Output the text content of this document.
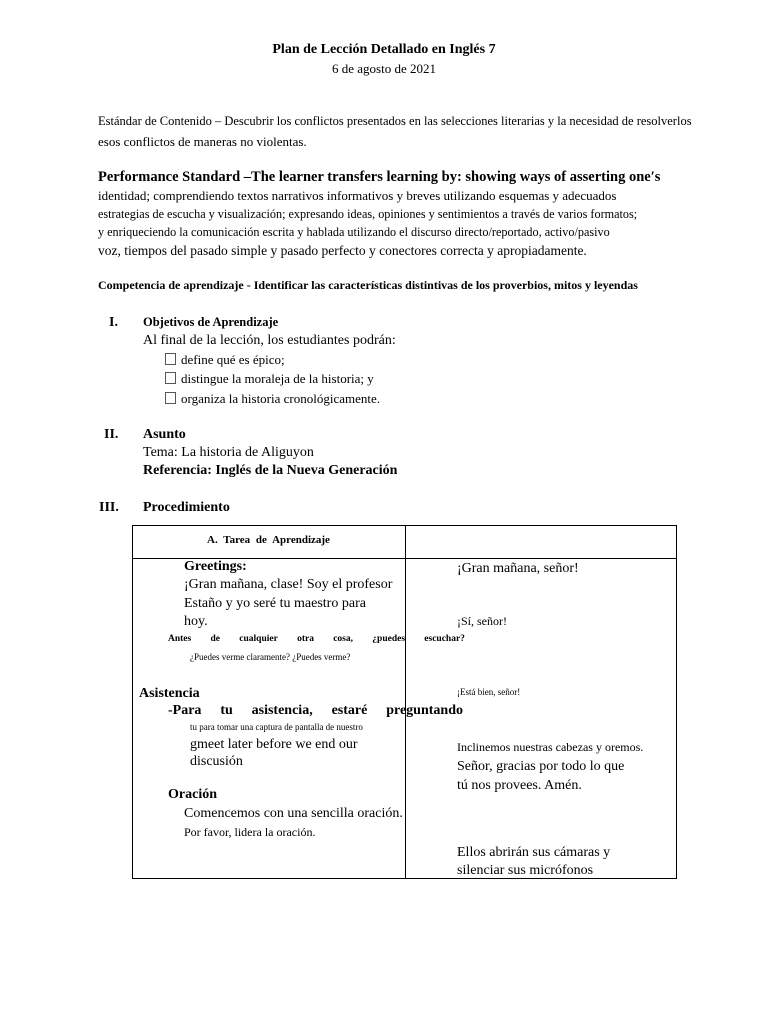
Plan de Lección Detallado en Inglés 7
6 de agosto de 2021
Estándar de Contenido – Descubrir los conflictos presentados en las selecciones literarias y la necesidad de resolverlos
esos conflictos de maneras no violentas.
Performance Standard –The learner transfers learning by: showing ways of asserting one′s
identidad; comprendiendo textos narrativos informativos y breves utilizando esquemas y adecuados
estrategias de escucha y visualización; expresando ideas, opiniones y sentimientos a través de varios formatos;
y enriqueciendo la comunicación escrita y hablada utilizando el discurso directo/reportado, activo/pasivo
voz, tiempos del pasado simple y pasado perfecto y conectores correcta y apropiadamente.
Competencia de aprendizaje - Identificar las características distintivas de los proverbios, mitos y leyendas
I. Objetivos de Aprendizaje
Al final de la lección, los estudiantes podrán:
define qué es épico;
distingue la moraleja de la historia; y
organiza la historia cronológicamente.
II. Asunto
Tema: La historia de Aliguyon
Referencia: Inglés de la Nueva Generación
III. Procedimiento
A. Tarea de Aprendizaje
Greetings:
¡Gran mañana, clase! Soy el profesor
Estaño y yo seré tu maestro para
hoy.
Antes de cualquier otra cosa, ¿puedes escuchar?
¿Puedes verme claramente? ¿Puedes verme?
Asistencia
-Para tu asistencia, estaré preguntando
tu para tomar una captura de pantalla de nuestro
gmeet later before we end our
discusión
Oración
Comencemos con una sencilla oración.
Por favor, lidera la oración.
¡Gran mañana, señor!
¡Sí, señor!
¡Está bien, señor!
Inclinemos nuestras cabezas y oremos.
Señor, gracias por todo lo que
tú nos provees. Amén.
Ellos abrirán sus cámaras y
silenciar sus micrófonos
